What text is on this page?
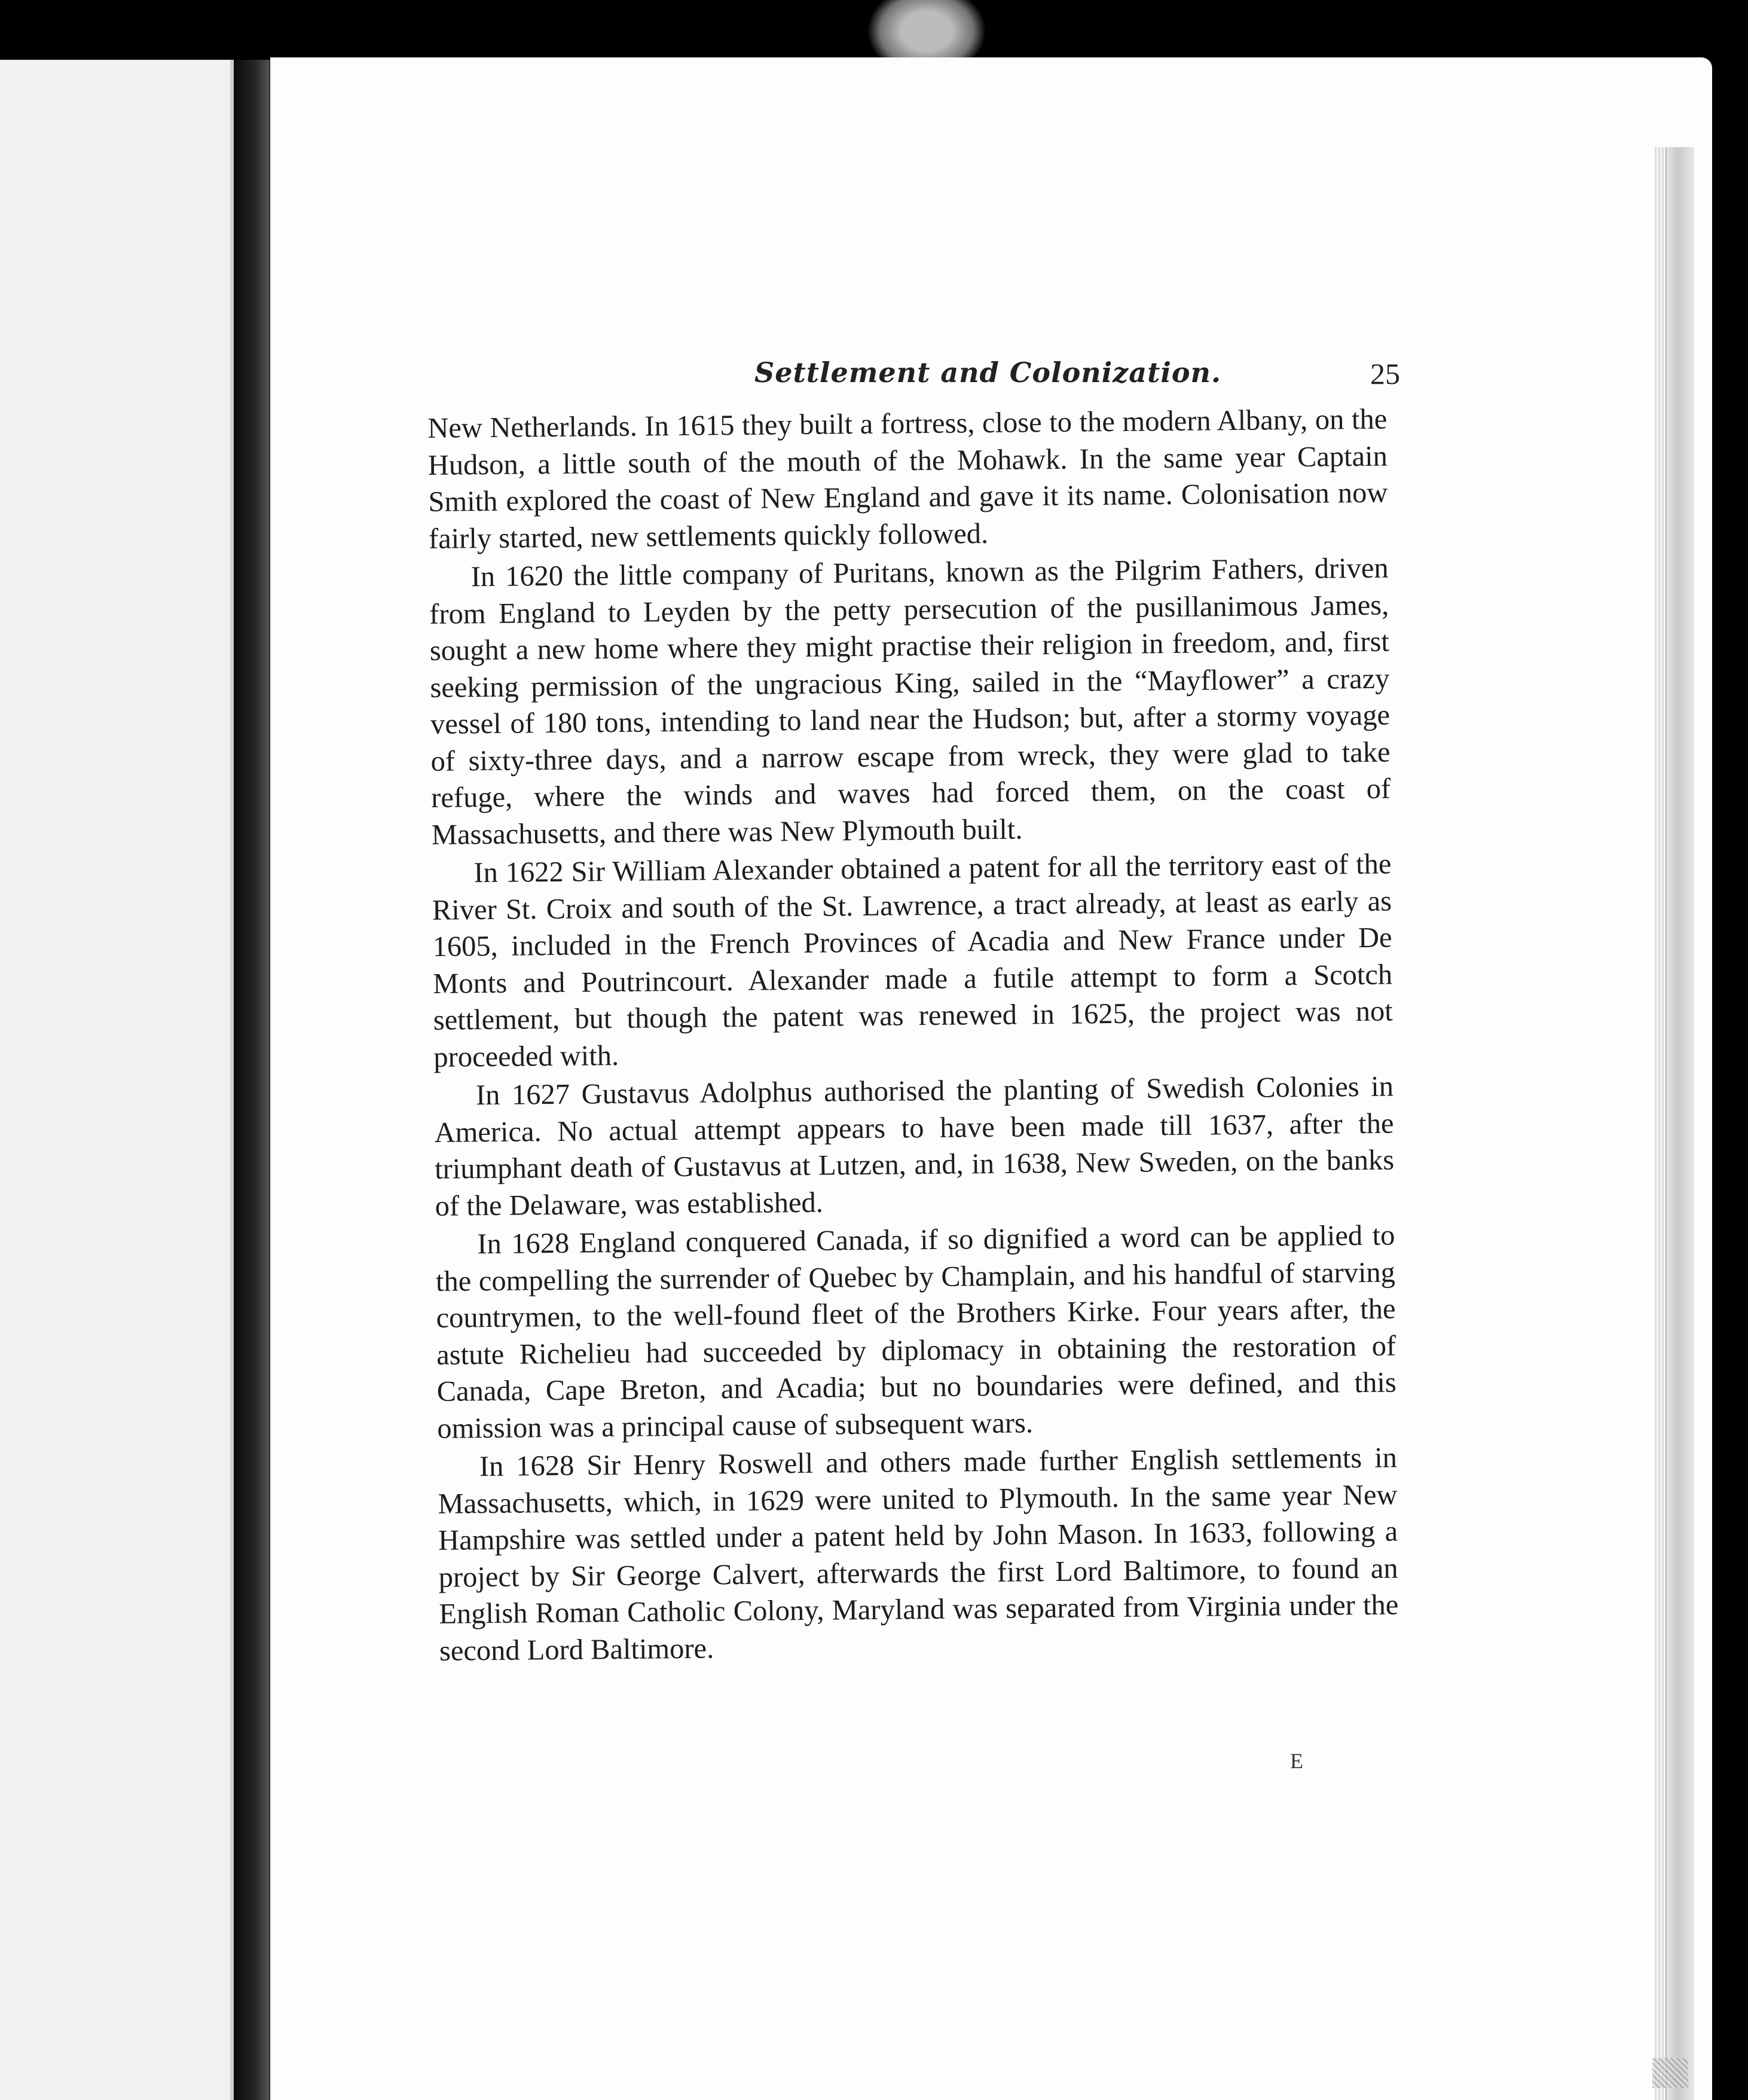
Settlement and Colonization.	25

New Netherlands. In 1615 they built a fortress, close to the modern Albany, on the Hudson, a little south of the mouth of the Mohawk. In the same year Captain Smith explored the coast of New England and gave it its name. Colonisation now fairly started, new settlements quickly followed.

In 1620 the little company of Puritans, known as the Pilgrim Fathers, driven from England to Leyden by the petty persecution of the pusillanimous James, sought a new home where they might practise their religion in freedom, and, first seeking permission of the ungracious King, sailed in the “Mayflower” a crazy vessel of 180 tons, intending to land near the Hudson; but, after a stormy voyage of sixty-three days, and a narrow escape from wreck, they were glad to take refuge, where the winds and waves had forced them, on the coast of Massachusetts, and there was New Plymouth built.

In 1622 Sir William Alexander obtained a patent for all the territory east of the River St. Croix and south of the St. Lawrence, a tract already, at least as early as 1605, included in the French Provinces of Acadia and New France under De Monts and Poutrincourt. Alexander made a futile attempt to form a Scotch settlement, but though the patent was renewed in 1625, the project was not proceeded with.

In 1627 Gustavus Adolphus authorised the planting of Swedish Colonies in America. No actual attempt appears to have been made till 1637, after the triumphant death of Gustavus at Lutzen, and, in 1638, New Sweden, on the banks of the Delaware, was established.

In 1628 England conquered Canada, if so dignified a word can be applied to the compelling the surrender of Quebec by Champlain, and his handful of starving countrymen, to the well-found fleet of the Brothers Kirke. Four years after, the astute Richelieu had succeeded by diplomacy in obtaining the restoration of Canada, Cape Breton, and Acadia; but no boundaries were defined, and this omission was a principal cause of subsequent wars.

In 1628 Sir Henry Roswell and others made further English settlements in Massachusetts, which, in 1629 were united to Plymouth. In the same year New Hampshire was settled under a patent held by John Mason. In 1633, following a project by Sir George Calvert, afterwards the first Lord Baltimore, to found an English Roman Catholic Colony, Maryland was separated from Virginia under the second Lord Baltimore.

E
